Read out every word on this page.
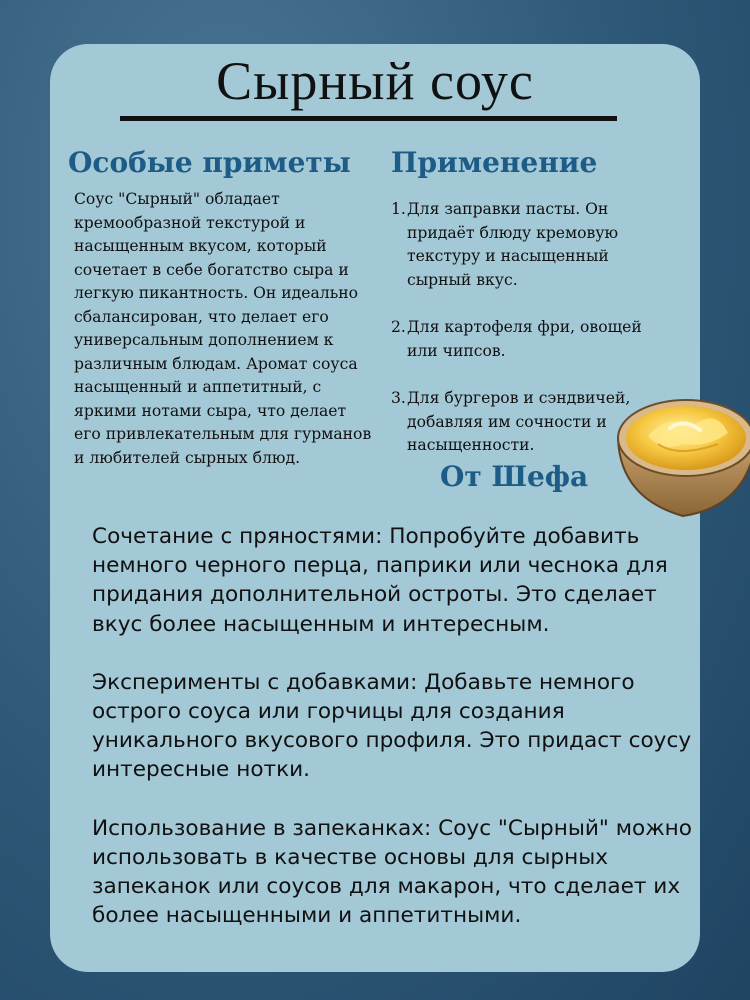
Сырный соус
Особые приметы
Соус "Сырный" обладает кремообразной текстурой и насыщенным вкусом, который сочетает в себе богатство сыра и легкую пикантность. Он идеально сбалансирован, что делает его универсальным дополнением к различным блюдам. Аромат соуса насыщенный и аппетитный, с яркими нотами сыра, что делает его привлекательным для гурманов и любителей сырных блюд.
Применение
1. Для заправки пасты. Он придаёт блюду кремовую текстуру и насыщенный сырный вкус.
2. Для картофеля фри, овощей или чипсов.
3. Для бургеров и сэндвичей, добавляя им сочности и насыщенности.
От Шефа

Сочетание с пряностями: Попробуйте добавить немного черного перца, паприки или чеснока для придания дополнительной остроты. Это сделает вкус более насыщенным и интересным.

Эксперименты с добавками: Добавьте немного острого соуса или горчицы для создания уникального вкусового профиля. Это придаст соусу интересные нотки.

Использование в запеканках: Соус "Сырный" можно использовать в качестве основы для сырных запеканок или соусов для макарон, что сделает их более насыщенными и аппетитными.
